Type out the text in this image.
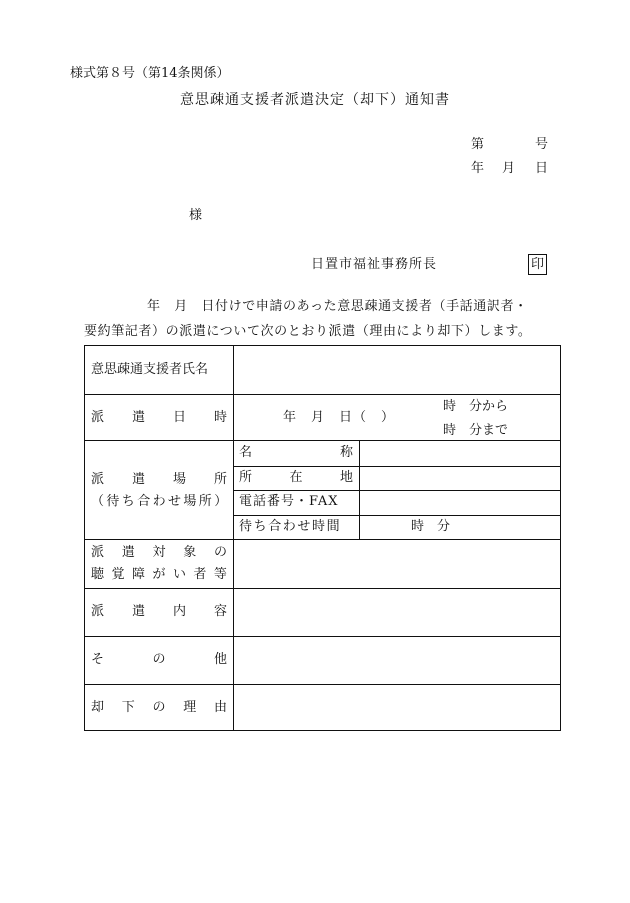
様式第８号（第14条関係）
意思疎通支援者派遣決定（却下）通知書
第	号
年 月 日
様
日置市福祉事務所長	印
年　月　日付けで申請のあった意思疎通支援者（手話通訳者・
要約筆記者）の派遣について次のとおり派遣（理由により却下）します。
意思疎通支援者氏名
派 遣 日 時	年　月　日（　）
時　分から
時　分まで
派 遣 場 所
（待ち合わせ場所）
名	称
所	在	地
電話番号・FAX
待ち合わせ時間	時　分
派 遣 対 象 の
聴 覚 障 が い 者 等
派 遣 内 容
そ	の	他
却 下 の 理 由
